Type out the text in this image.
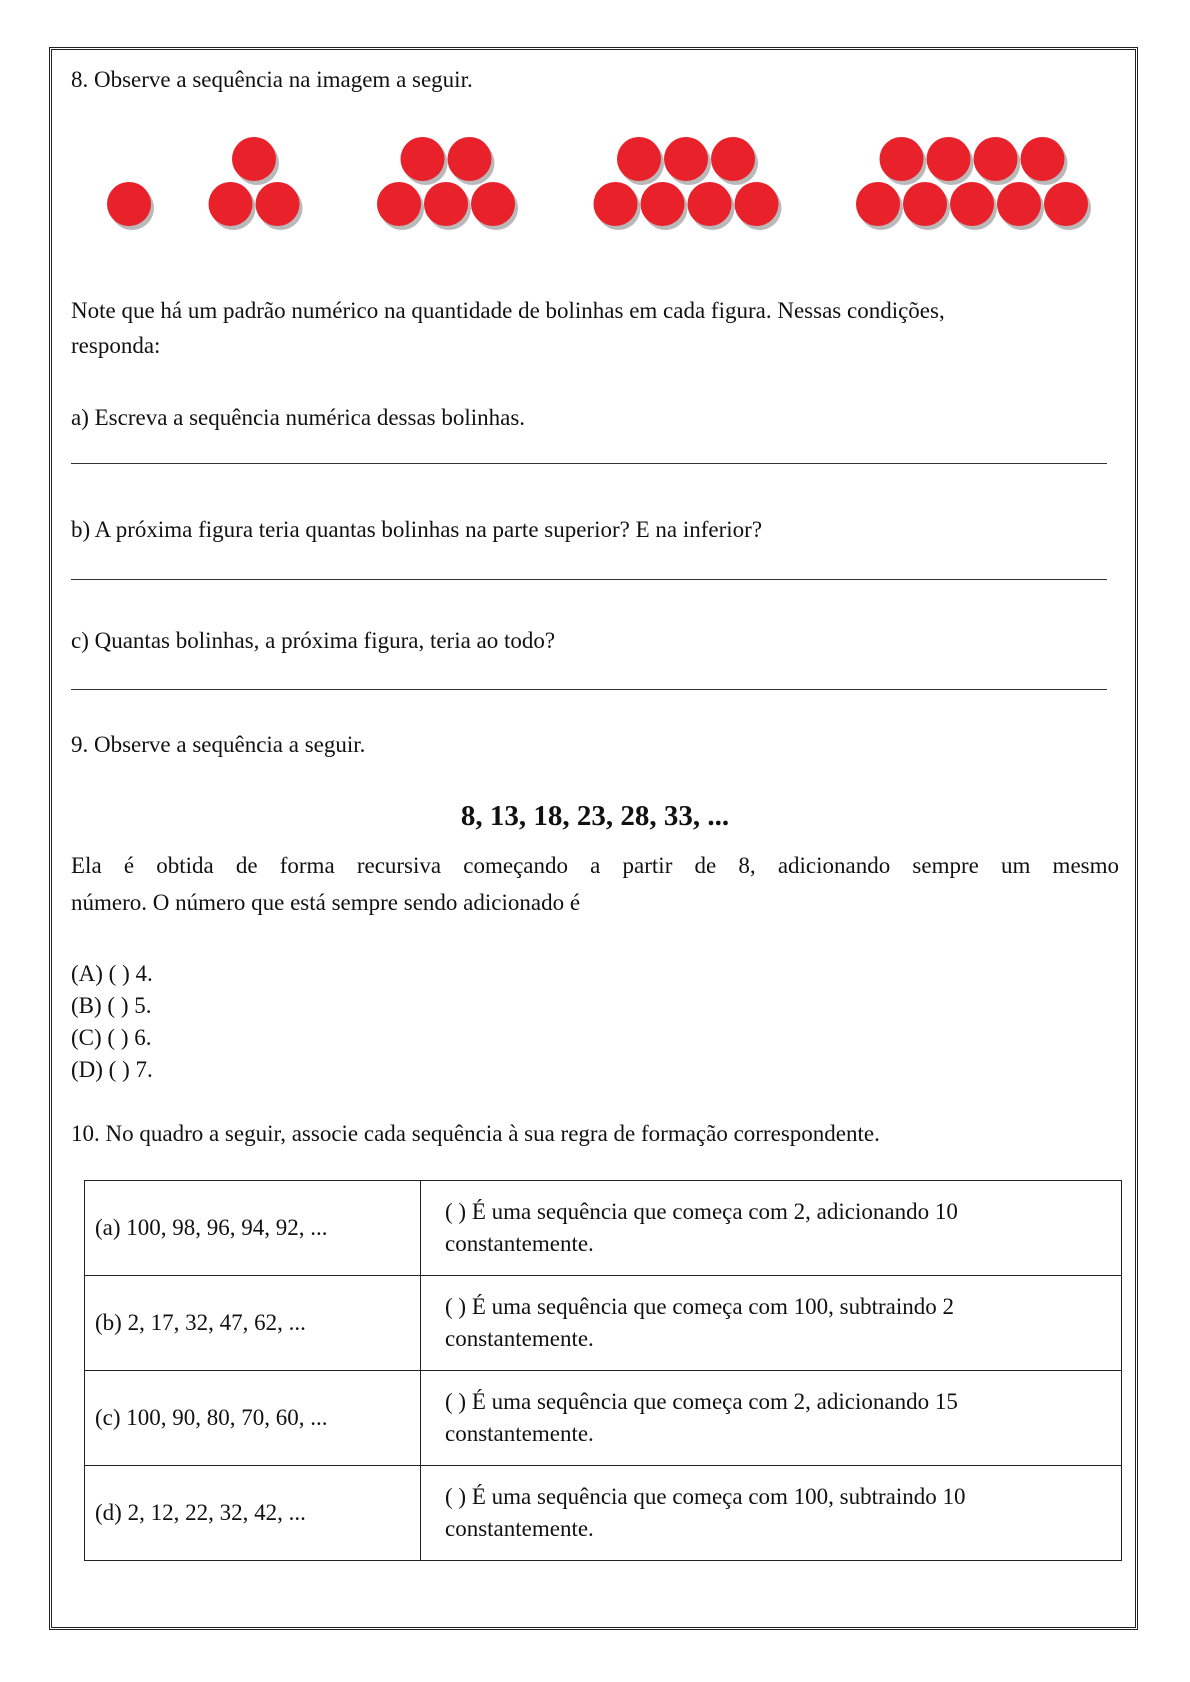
8. Observe a sequência na imagem a seguir.
Note que há um padrão numérico na quantidade de bolinhas em cada figura. Nessas condições,
responda:
a) Escreva a sequência numérica dessas bolinhas.
b) A próxima figura teria quantas bolinhas na parte superior? E na inferior?
c) Quantas bolinhas, a próxima figura, teria ao todo?
9. Observe a sequência a seguir.
8, 13, 18, 23, 28, 33, ...
Ela é obtida de forma recursiva começando a partir de 8, adicionando sempre um mesmo
número. O número que está sempre sendo adicionado é
(A) ( ) 4.
(B) ( ) 5.
(C) ( ) 6.
(D) ( ) 7.
10. No quadro a seguir, associe cada sequência à sua regra de formação correspondente.
(a) 100, 98, 96, 94, 92, ...	( ) É uma sequência que começa com 2, adicionando 10
constantemente.

(b) 2, 17, 32, 47, 62, ...	( ) É uma sequência que começa com 100, subtraindo 2
constantemente.

(c) 100, 90, 80, 70, 60, ...	( ) É uma sequência que começa com 2, adicionando 15
constantemente.

(d) 2, 12, 22, 32, 42, ...	( ) É uma sequência que começa com 100, subtraindo 10
constantemente.
